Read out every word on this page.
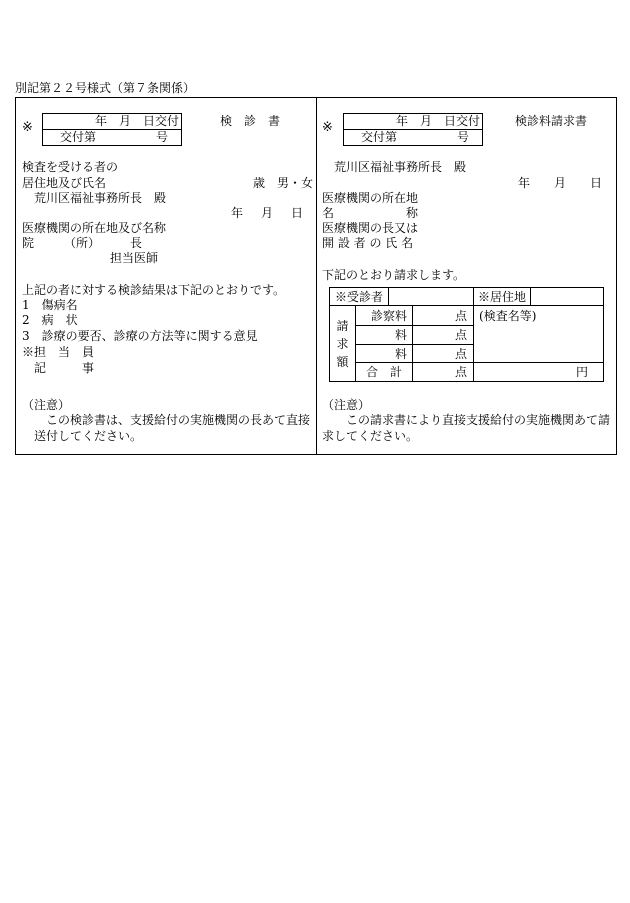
別記第２２号様式（第７条関係）
※	年　月　日交付
交付第　　　　　号
検　診　書
検査を受ける者の
居住地及び氏名	歳　男・女
荒川区福祉事務所長　殿
年　　月　　日
医療機関の所在地及び名称
院　　　（所）　　　長
担当医師
上記の者に対する検診結果は下記のとおりです。
1　傷病名
2　病　状
3　診療の要否、診療の方法等に関する意見
※担　当　員
記　　　事
（注意）
この検診書は、支援給付の実施機関の長あて直接
送付してください。
※	年　月　日交付
交付第　　　　　号
検診料請求書
荒川区福祉事務所長　殿
年　　月　　日
医療機関の所在地
名　　　　　　称
医療機関の長又は
開 設 者 の 氏 名
下記のとおり請求します。
※受診者				※居住地	
請求額	診察料		点	(検査名等)	
	料		点		
	料		点		
	合　計		点	円	
（注意）
この請求書により直接支援給付の実施機関あて請
求してください。
